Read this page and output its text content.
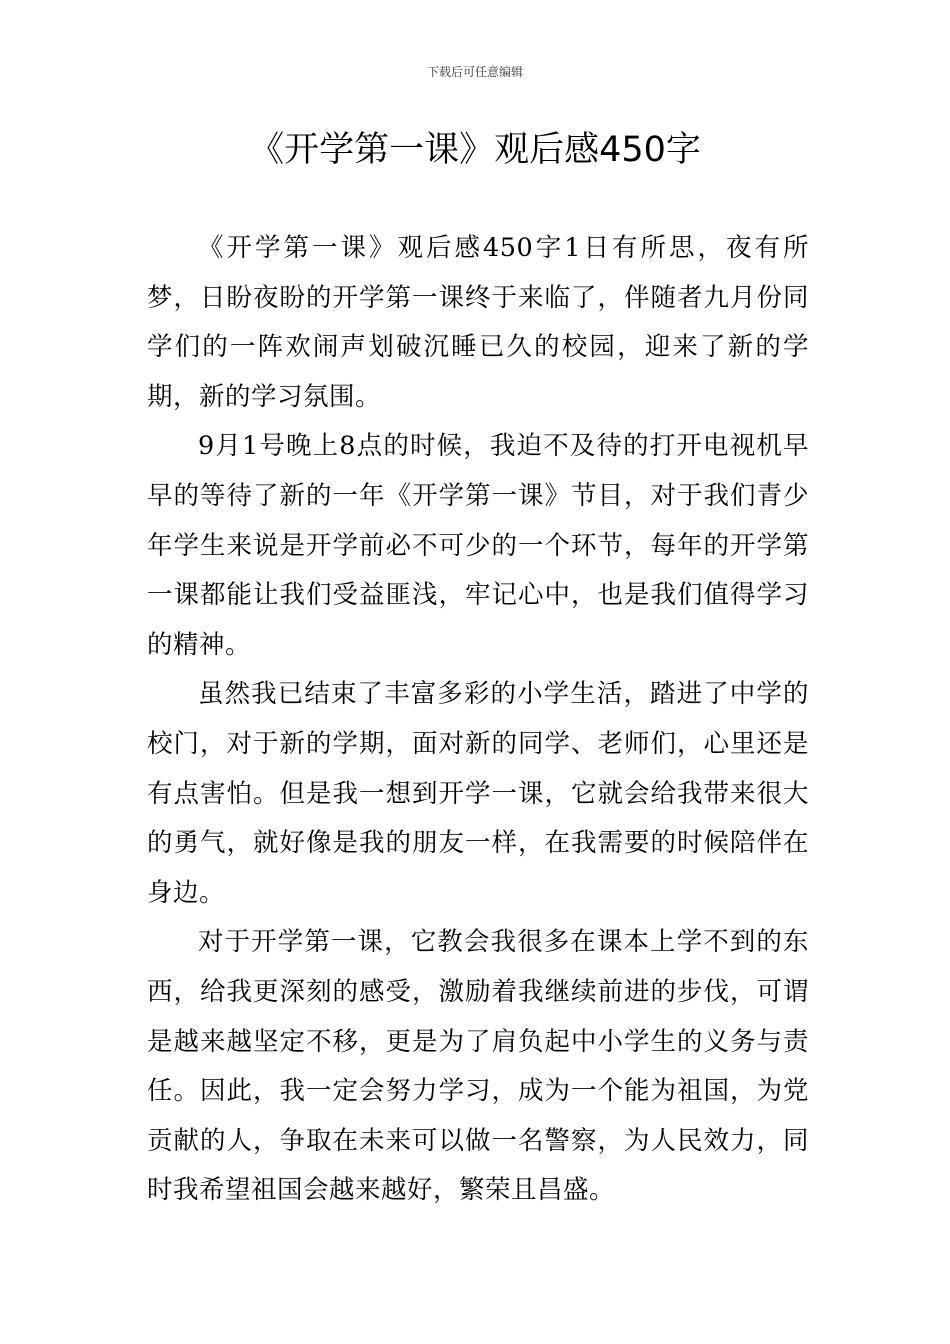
下载后可任意编辑
《开学第一课》观后感450字

《开学第一课》观后感450字1日有所思，夜有所梦，日盼夜盼的开学第一课终于来临了，伴随者九月份同学们的一阵欢闹声划破沉睡已久的校园，迎来了新的学期，新的学习氛围。

9月1号晚上8点的时候，我迫不及待的打开电视机早早的等待了新的一年《开学第一课》节目，对于我们青少年学生来说是开学前必不可少的一个环节，每年的开学第一课都能让我们受益匪浅，牢记心中，也是我们值得学习的精神。

虽然我已结束了丰富多彩的小学生活，踏进了中学的校门，对于新的学期，面对新的同学、老师们，心里还是有点害怕。但是我一想到开学一课，它就会给我带来很大的勇气，就好像是我的朋友一样，在我需要的时候陪伴在身边。

对于开学第一课，它教会我很多在课本上学不到的东西，给我更深刻的感受，激励着我继续前进的步伐，可谓是越来越坚定不移，更是为了肩负起中小学生的义务与责任。因此，我一定会努力学习，成为一个能为祖国，为党贡献的人，争取在未来可以做一名警察，为人民效力，同时我希望祖国会越来越好，繁荣且昌盛。
